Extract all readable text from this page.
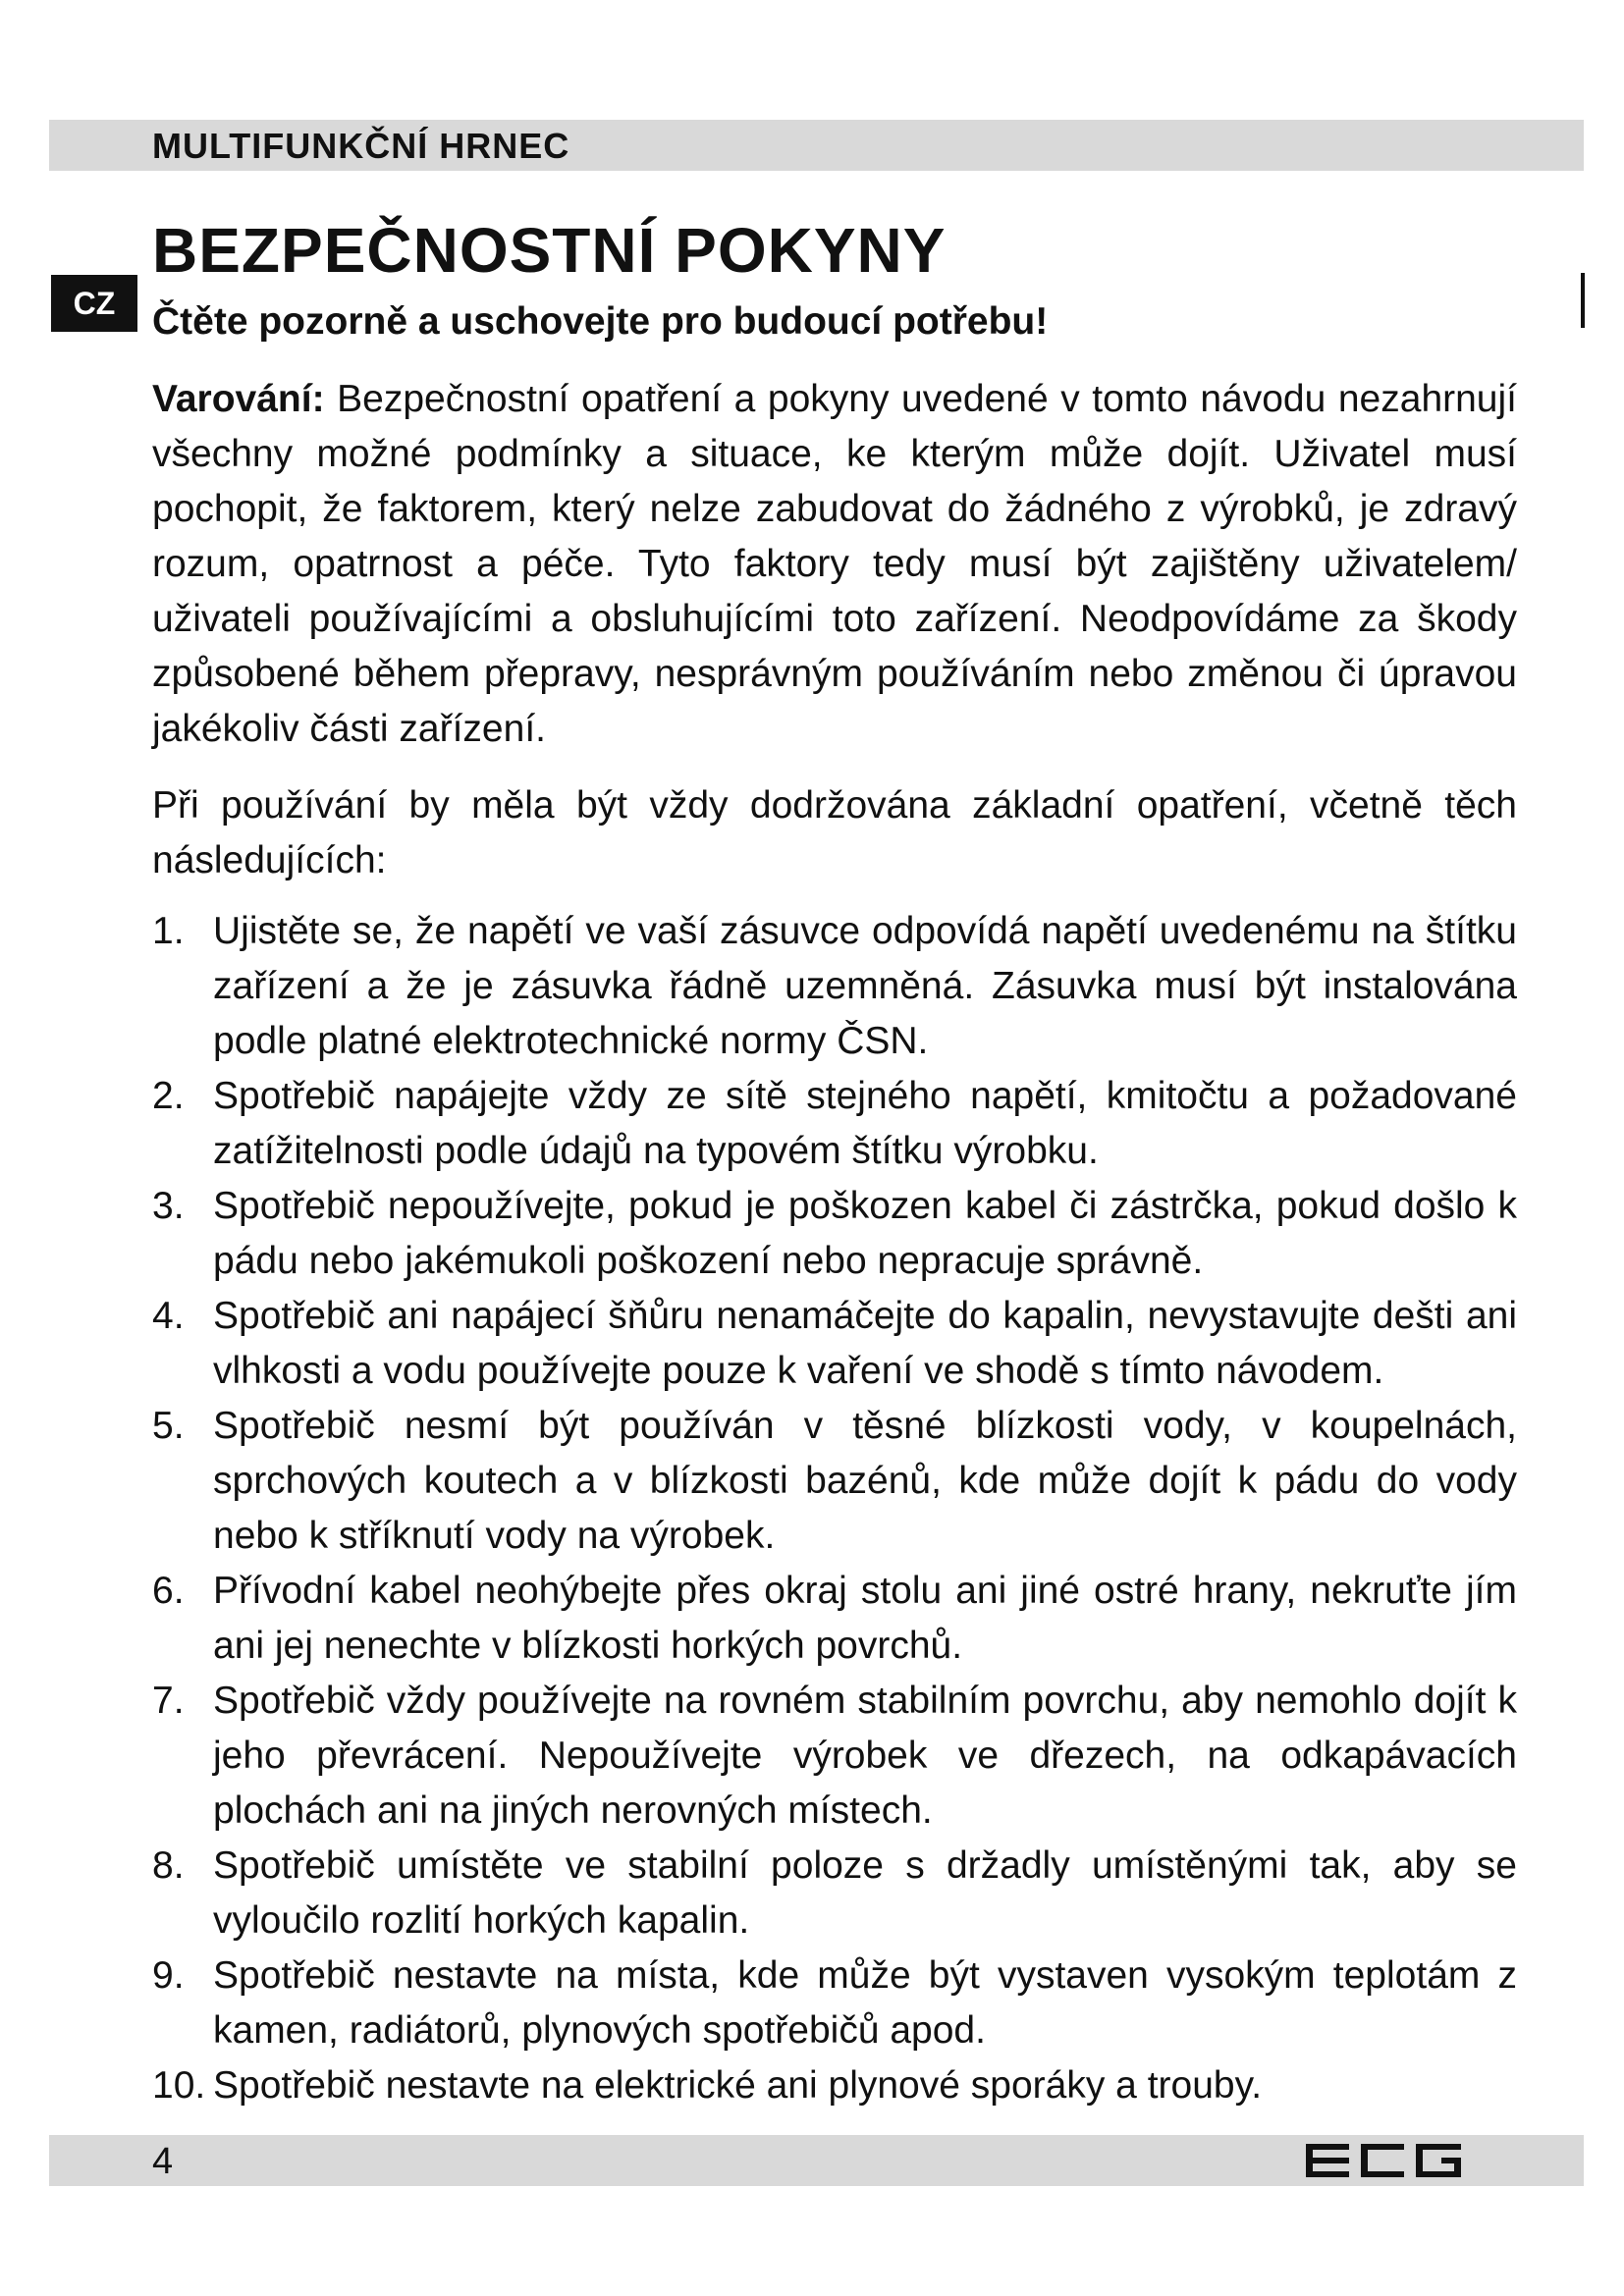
MULTIFUNKČNÍ HRNEC
CZ
BEZPEČNOSTNÍ POKYNY
Čtěte pozorně a uschovejte pro budoucí potřebu!

Varování: Bezpečnostní opatření a pokyny uvedené v tomto návodu nezahrnují všechny možné podmínky a situace, ke kterým může dojít. Uživatel musí pochopit, že faktorem, který nelze zabudovat do žádného z výrobků, je zdravý rozum, opatrnost a péče. Tyto faktory tedy musí být zajištěny uživatelem/ uživateli používajícími a obsluhujícími toto zařízení. Neodpovídáme za škody způsobené během přepravy, nesprávným používáním nebo změnou či úpravou jakékoliv části zařízení.

Při používání by měla být vždy dodržována základní opatření, včetně těch následujících:

1. Ujistěte se, že napětí ve vaší zásuvce odpovídá napětí uvedenému na štítku zařízení a že je zásuvka řádně uzemněná. Zásuvka musí být instalována podle platné elektrotechnické normy ČSN.
2. Spotřebič napájejte vždy ze sítě stejného napětí, kmitočtu a požadované zatížitelnosti podle údajů na typovém štítku výrobku.
3. Spotřebič nepoužívejte, pokud je poškozen kabel či zástrčka, pokud došlo k pádu nebo jakémukoli poškození nebo nepracuje správně.
4. Spotřebič ani napájecí šňůru nenamáčejte do kapalin, nevystavujte dešti ani vlhkosti a vodu používejte pouze k vaření ve shodě s tímto návodem.
5. Spotřebič nesmí být používán v těsné blízkosti vody, v koupelnách, sprchových koutech a v blízkosti bazénů, kde může dojít k pádu do vody nebo k stříknutí vody na výrobek.
6. Přívodní kabel neohýbejte přes okraj stolu ani jiné ostré hrany, nekruťte jím ani jej nenechte v blízkosti horkých povrchů.
7. Spotřebič vždy používejte na rovném stabilním povrchu, aby nemohlo dojít k jeho převrácení. Nepoužívejte výrobek ve dřezech, na odkapávacích plochách ani na jiných nerovných místech.
8. Spotřebič umístěte ve stabilní poloze s držadly umístěnými tak, aby se vyloučilo rozlití horkých kapalin.
9. Spotřebič nestavte na místa, kde může být vystaven vysokým teplotám z kamen, radiátorů, plynových spotřebičů apod.
10. Spotřebič nestavte na elektrické ani plynové sporáky a trouby.
4
